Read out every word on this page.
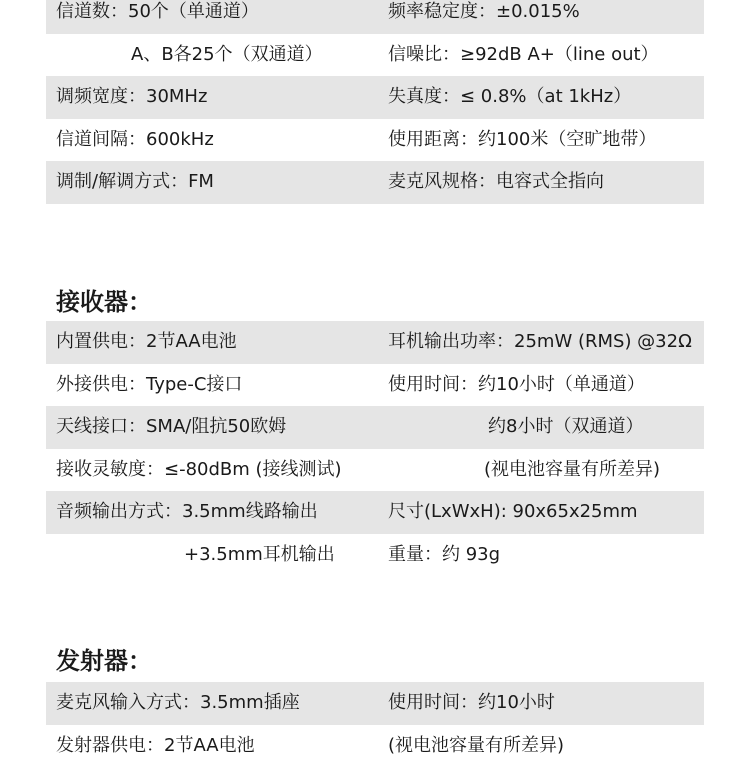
信道数：50个（单通道）	频率稳定度：±0.015%
A、B各25个（双通道）	信噪比：≥92dB A+（line out）
调频宽度：30MHz	失真度：≤ 0.8%（at 1kHz）
信道间隔：600kHz	使用距离：约100米（空旷地带）
调制/解调方式：FM	麦克风规格：电容式全指向
接收器：
内置供电：2节AA电池	耳机输出功率：25mW (RMS) @32Ω
外接供电：Type-C接口	使用时间：约10小时（单通道）
天线接口：SMA/阻抗50欧姆	约8小时（双通道）
接收灵敏度：≤-80dBm (接线测试)	(视电池容量有所差异)
音频输出方式：3.5mm线路输出	尺寸(LxWxH): 90x65x25mm
+3.5mm耳机输出	重量：约 93g
发射器：
麦克风输入方式：3.5mm插座	使用时间：约10小时
发射器供电：2节AA电池	(视电池容量有所差异)
